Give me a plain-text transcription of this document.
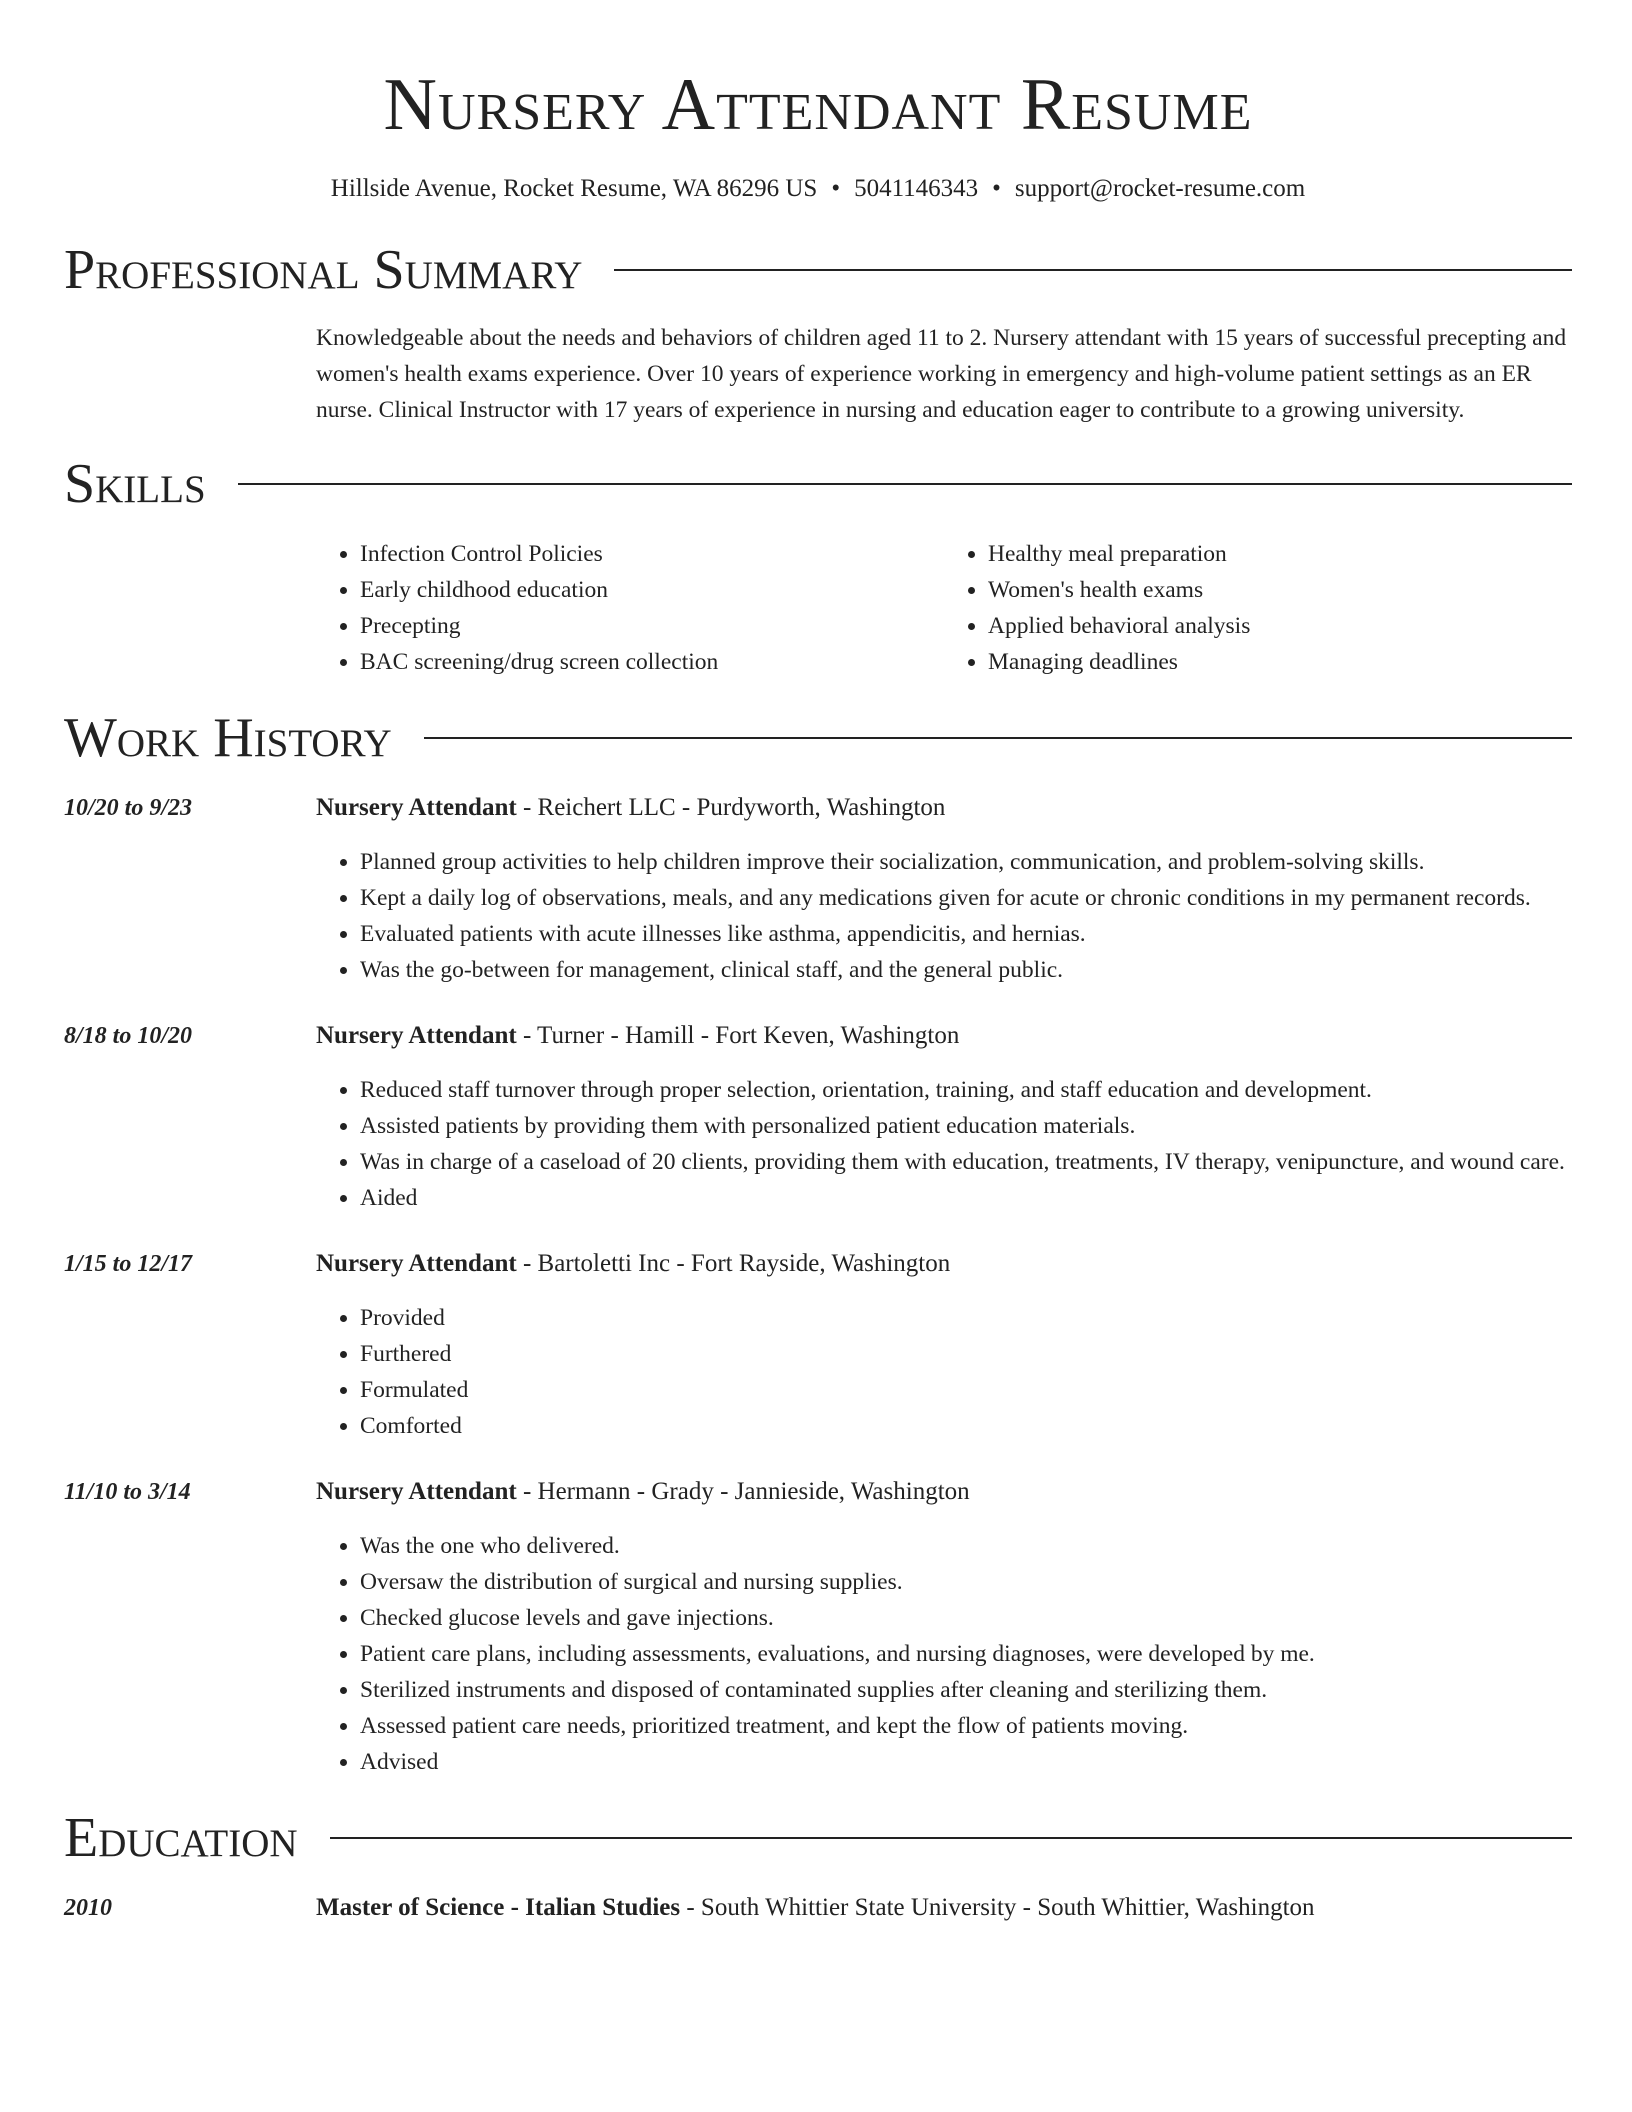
Nursery Attendant Resume
Hillside Avenue, Rocket Resume, WA 86296 US • 5041146343 • support@rocket-resume.com
Professional Summary
Knowledgeable about the needs and behaviors of children aged 11 to 2. Nursery attendant with 15 years of successful precepting and women's health exams experience. Over 10 years of experience working in emergency and high-volume patient settings as an ER nurse. Clinical Instructor with 17 years of experience in nursing and education eager to contribute to a growing university.
Skills
• Infection Control Policies
• Early childhood education
• Precepting
• BAC screening/drug screen collection
• Healthy meal preparation
• Women's health exams
• Applied behavioral analysis
• Managing deadlines
Work History
10/20 to 9/23	Nursery Attendant - Reichert LLC - Purdyworth, Washington
• Planned group activities to help children improve their socialization, communication, and problem-solving skills.
• Kept a daily log of observations, meals, and any medications given for acute or chronic conditions in my permanent records.
• Evaluated patients with acute illnesses like asthma, appendicitis, and hernias.
• Was the go-between for management, clinical staff, and the general public.
8/18 to 10/20	Nursery Attendant - Turner - Hamill - Fort Keven, Washington
• Reduced staff turnover through proper selection, orientation, training, and staff education and development.
• Assisted patients by providing them with personalized patient education materials.
• Was in charge of a caseload of 20 clients, providing them with education, treatments, IV therapy, venipuncture, and wound care.
• Aided
1/15 to 12/17	Nursery Attendant - Bartoletti Inc - Fort Rayside, Washington
• Provided
• Furthered
• Formulated
• Comforted
11/10 to 3/14	Nursery Attendant - Hermann - Grady - Jannieside, Washington
• Was the one who delivered.
• Oversaw the distribution of surgical and nursing supplies.
• Checked glucose levels and gave injections.
• Patient care plans, including assessments, evaluations, and nursing diagnoses, were developed by me.
• Sterilized instruments and disposed of contaminated supplies after cleaning and sterilizing them.
• Assessed patient care needs, prioritized treatment, and kept the flow of patients moving.
• Advised
Education
2010	Master of Science - Italian Studies - South Whittier State University - South Whittier, Washington
